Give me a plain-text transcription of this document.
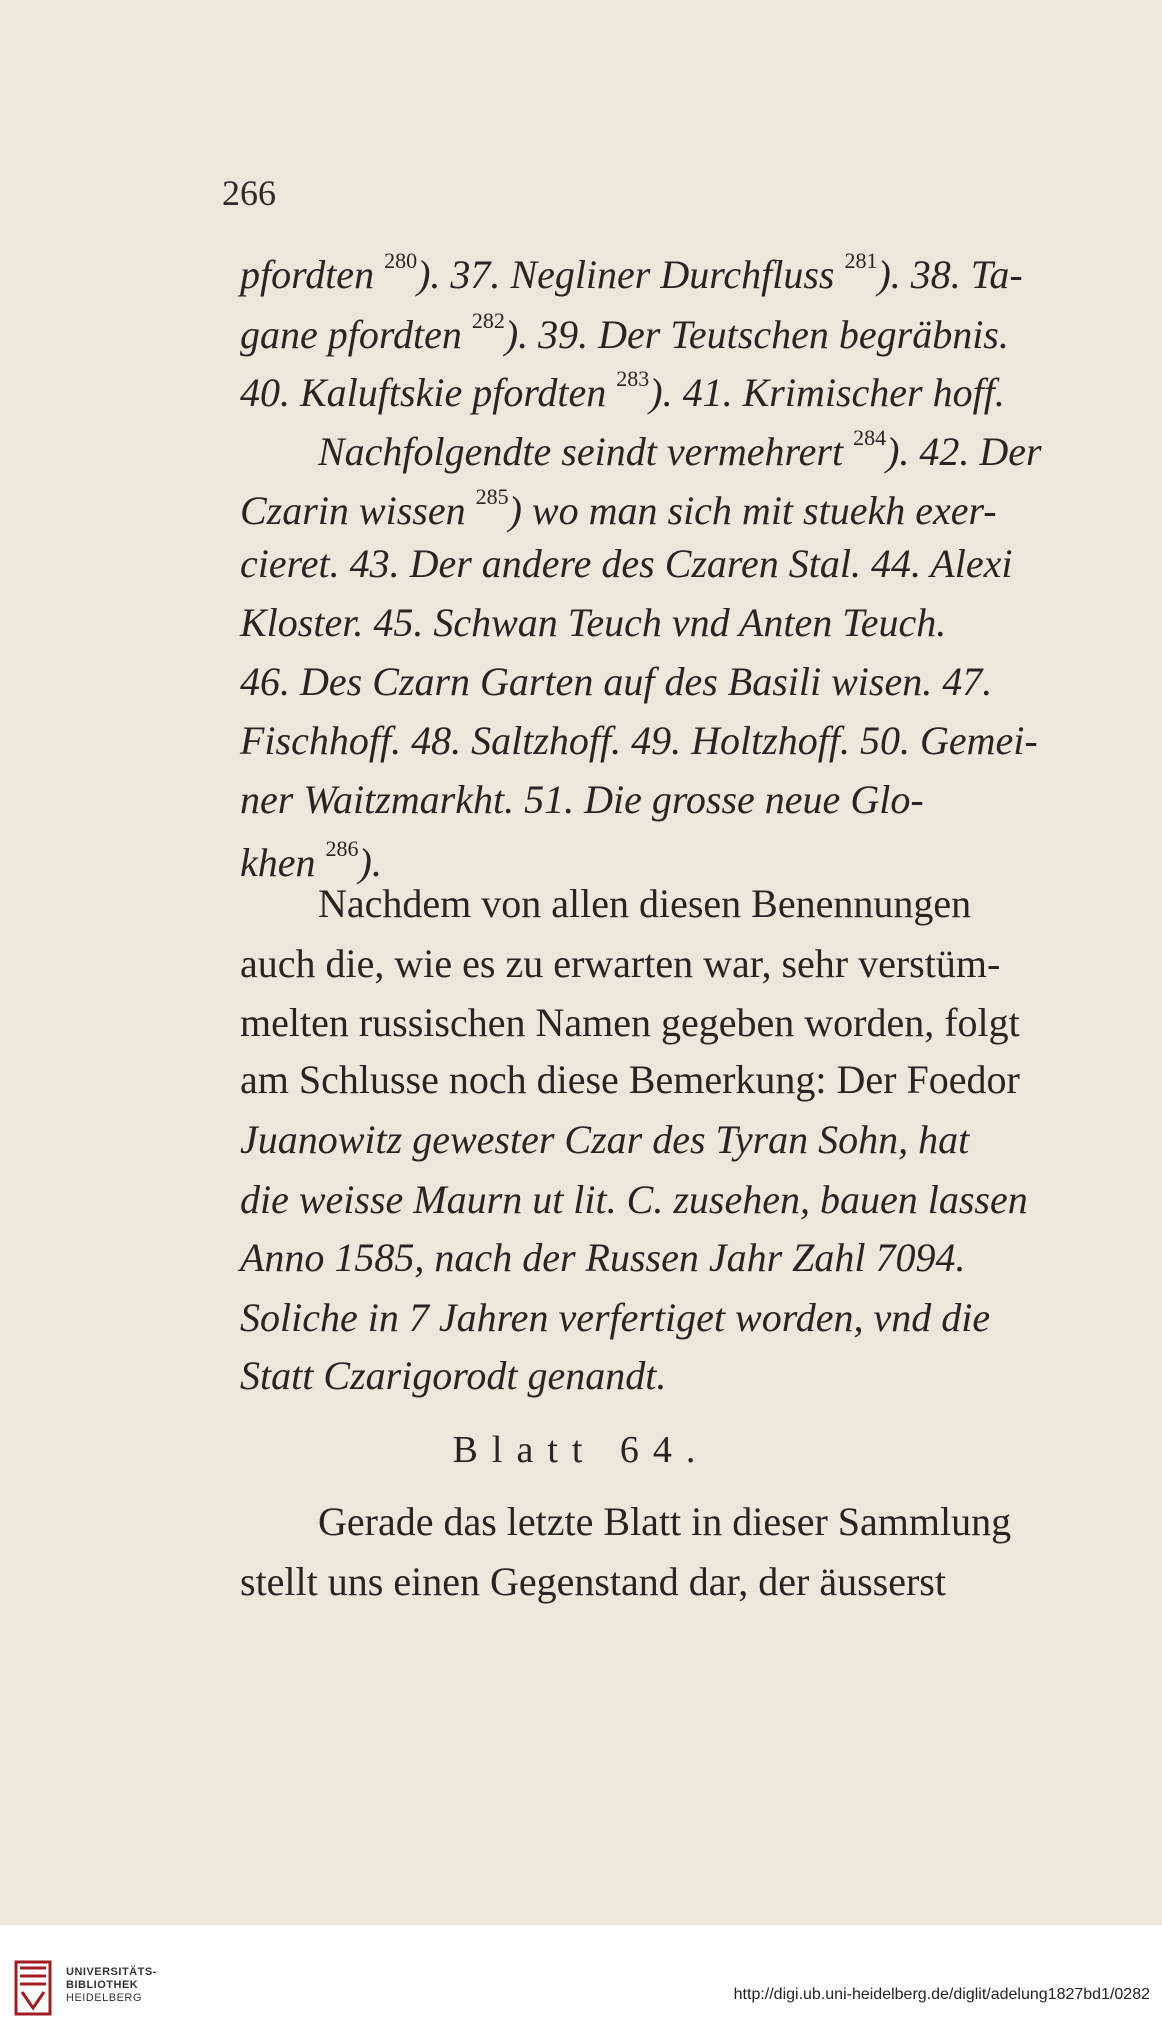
266
pfordten $^{280}$). 37. Negliner Durchfluss $^{281}$). 38. Ta-
gane pfordten $^{282}$). 39. Der Teutschen begräbnis.
40. Kaluftskie pfordten $^{283}$). 41. Krimischer hoff.
Nachfolgendte seindt vermehrert $^{284}$). 42. Der
Czarin wissen $^{285}$) wo man sich mit stuekh exer-
cieret. 43. Der andere des Czaren Stal. 44. Alexi
Kloster. 45. Schwan Teuch vnd Anten Teuch.
46. Des Czarn Garten auf des Basili wisen. 47.
Fischhoff. 48. Saltzhoff. 49. Holtzhoff. 50. Gemei-
ner Waitzmarkht. 51. Die grosse neue Glo-
khen $^{286}$).
Nachdem von allen diesen Benennungen
auch die, wie es zu erwarten war, sehr verstüm-
melten russischen Namen gegeben worden, folgt
am Schlusse noch diese Bemerkung: Der Foedor
Juanowitz gewester Czar des Tyran Sohn, hat
die weisse Maurn ut lit. C. zusehen, bauen lassen
Anno 1585, nach der Russen Jahr Zahl 7094.
Soliche in 7 Jahren verfertiget worden, vnd die
Statt Czarigorodt genandt.
Blatt 64.
Gerade das letzte Blatt in dieser Sammlung
stellt uns einen Gegenstand dar, der äusserst
UNIVERSITÄTS-
BIBLIOTHEK
HEIDELBERG	http://digi.ub.uni-heidelberg.de/diglit/adelung1827bd1/0282
